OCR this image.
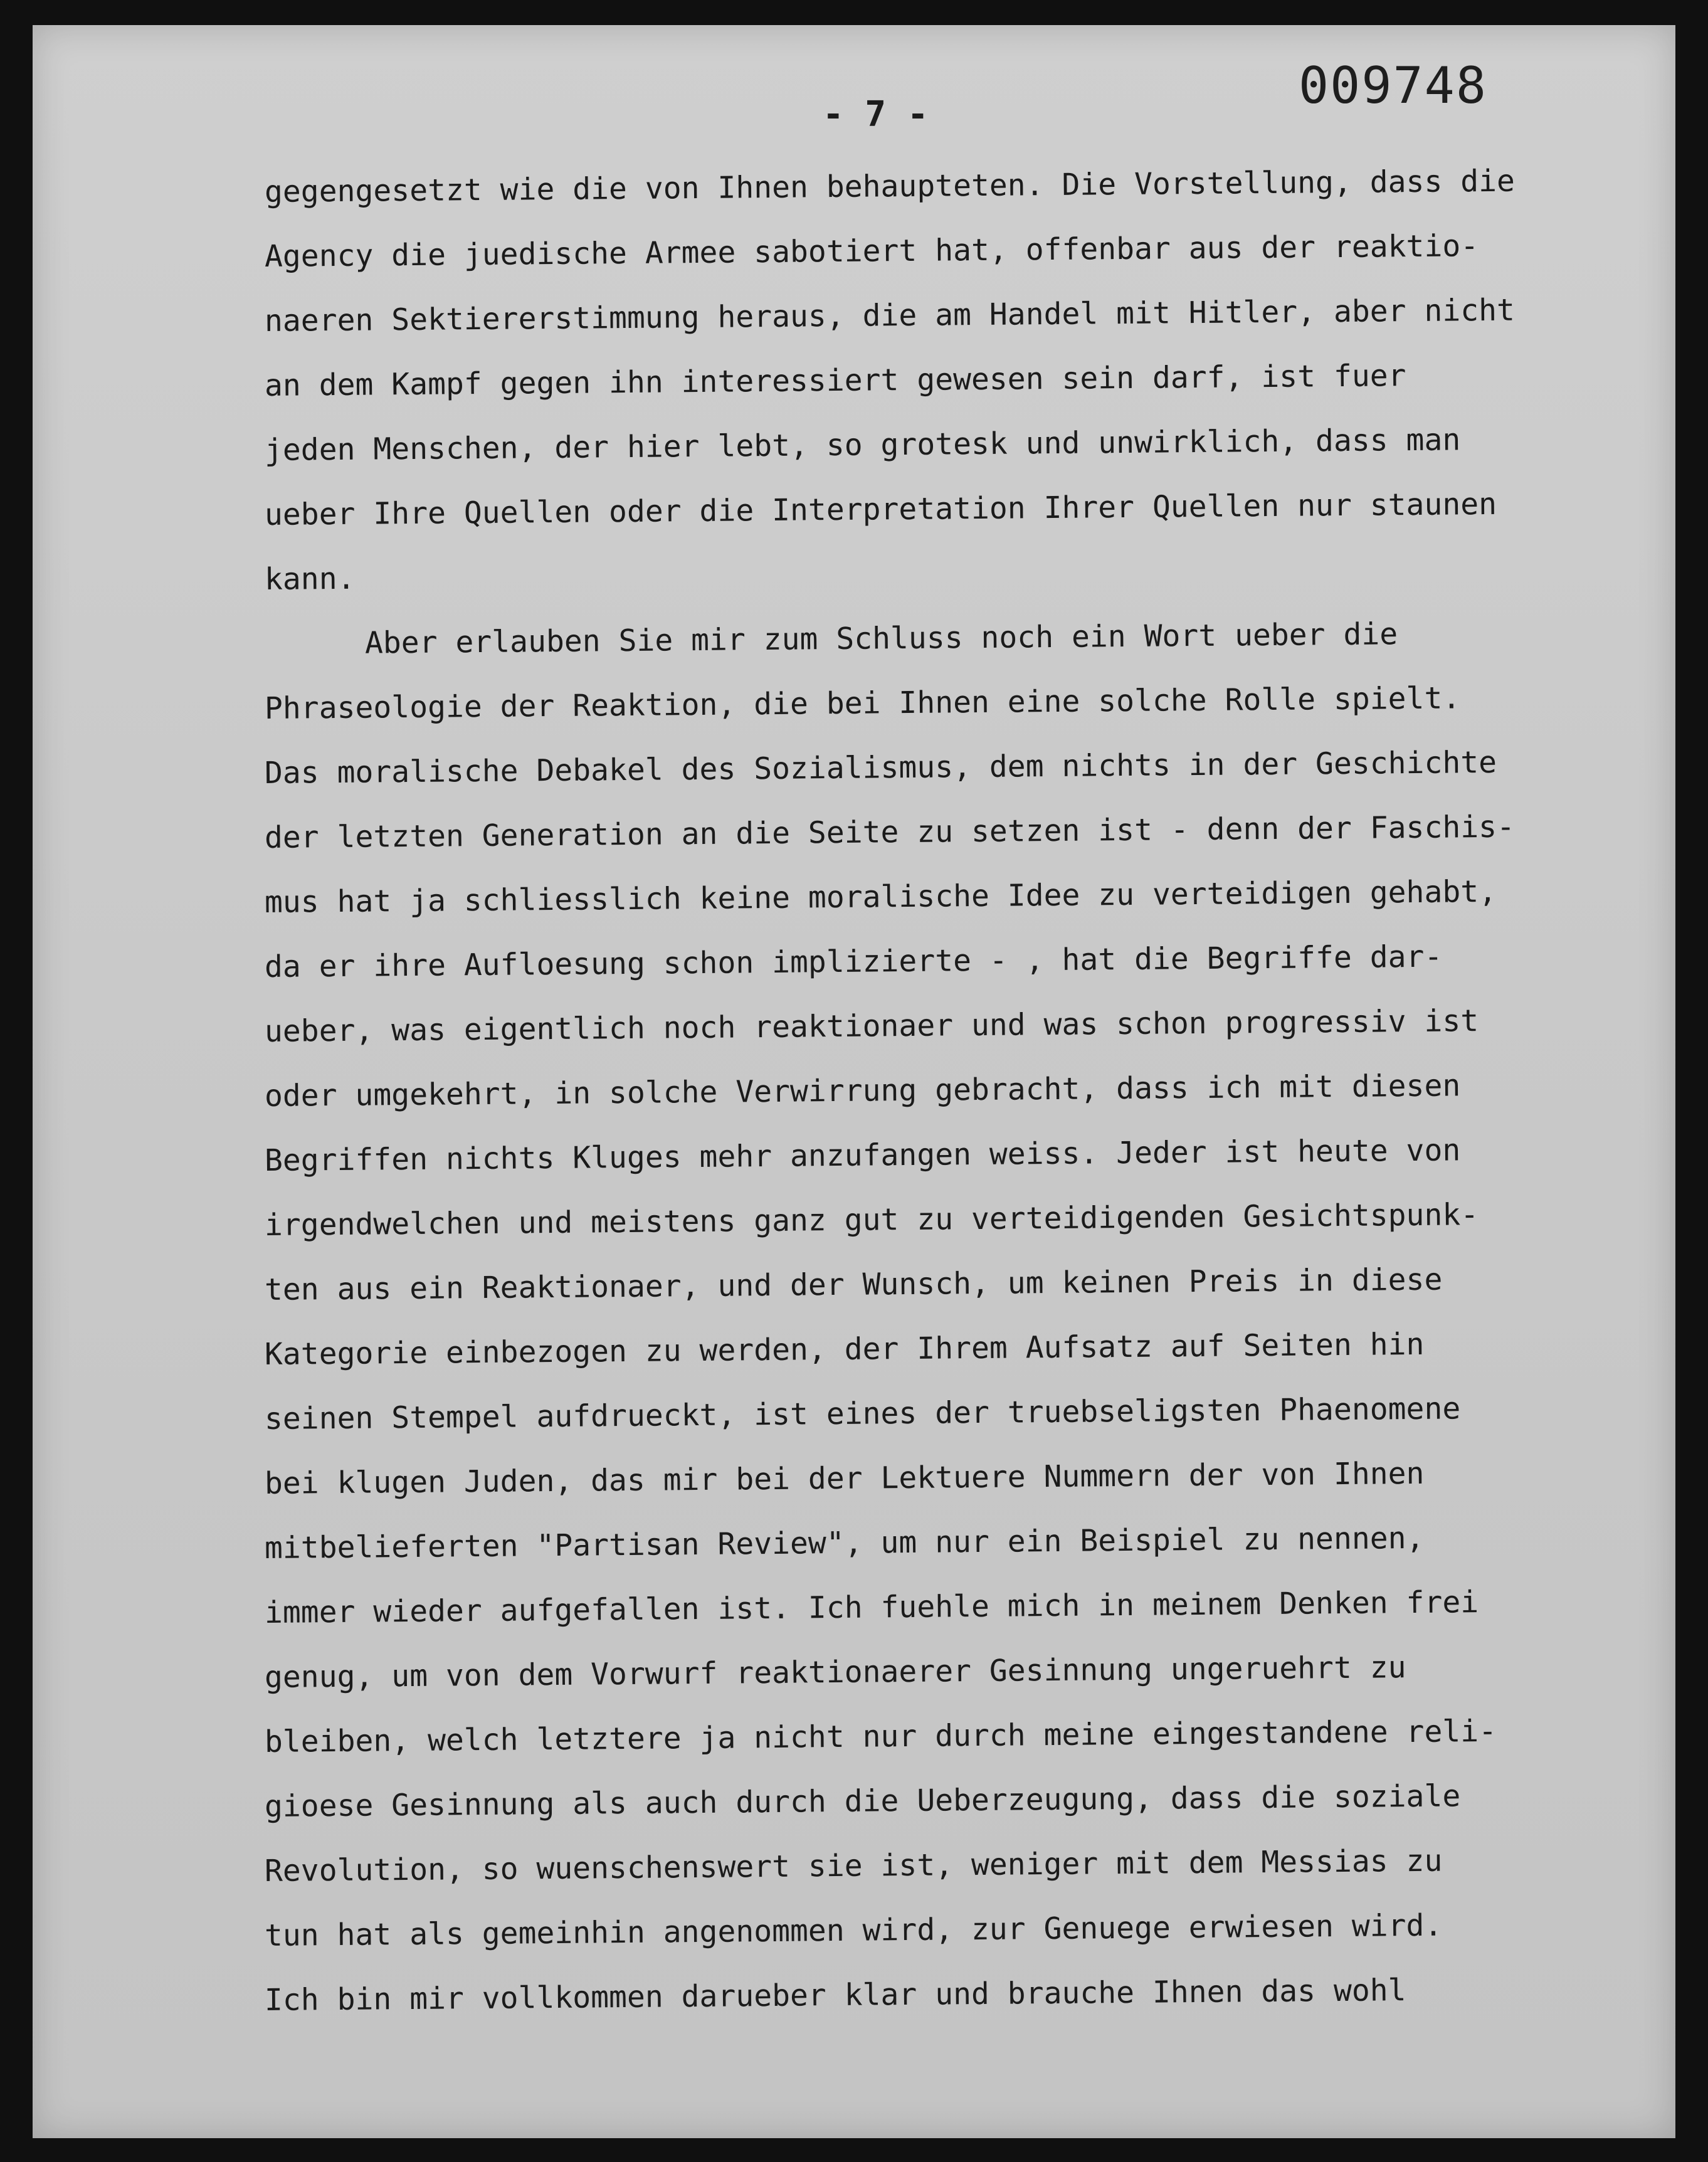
009748
- 7 -
gegengesetzt wie die von Ihnen behaupteten. Die Vorstellung, dass die
Agency die juedische Armee sabotiert hat, offenbar aus der reaktio-
naeren Sektiererstimmung heraus, die am Handel mit Hitler, aber nicht
an dem Kampf gegen ihn interessiert gewesen sein darf, ist fuer
jeden Menschen, der hier lebt, so grotesk und unwirklich, dass man
ueber Ihre Quellen oder die Interpretation Ihrer Quellen nur staunen
kann.
Aber erlauben Sie mir zum Schluss noch ein Wort ueber die
Phraseologie der Reaktion, die bei Ihnen eine solche Rolle spielt.
Das moralische Debakel des Sozialismus, dem nichts in der Geschichte
der letzten Generation an die Seite zu setzen ist - denn der Faschis-
mus hat ja schliesslich keine moralische Idee zu verteidigen gehabt,
da er ihre Aufloesung schon implizierte - , hat die Begriffe dar-
ueber, was eigentlich noch reaktionaer und was schon progressiv ist
oder umgekehrt, in solche Verwirrung gebracht, dass ich mit diesen
Begriffen nichts Kluges mehr anzufangen weiss. Jeder ist heute von
irgendwelchen und meistens ganz gut zu verteidigenden Gesichtspunk-
ten aus ein Reaktionaer, und der Wunsch, um keinen Preis in diese
Kategorie einbezogen zu werden, der Ihrem Aufsatz auf Seiten hin
seinen Stempel aufdrueckt, ist eines der truebseligsten Phaenomene
bei klugen Juden, das mir bei der Lektuere Nummern der von Ihnen
mitbelieferten "Partisan Review", um nur ein Beispiel zu nennen,
immer wieder aufgefallen ist. Ich fuehle mich in meinem Denken frei
genug, um von dem Vorwurf reaktionaerer Gesinnung ungeruehrt zu
bleiben, welch letztere ja nicht nur durch meine eingestandene reli-
gioese Gesinnung als auch durch die Ueberzeugung, dass die soziale
Revolution, so wuenschenswert sie ist, weniger mit dem Messias zu
tun hat als gemeinhin angenommen wird, zur Genuege erwiesen wird.
Ich bin mir vollkommen darueber klar und brauche Ihnen das wohl
